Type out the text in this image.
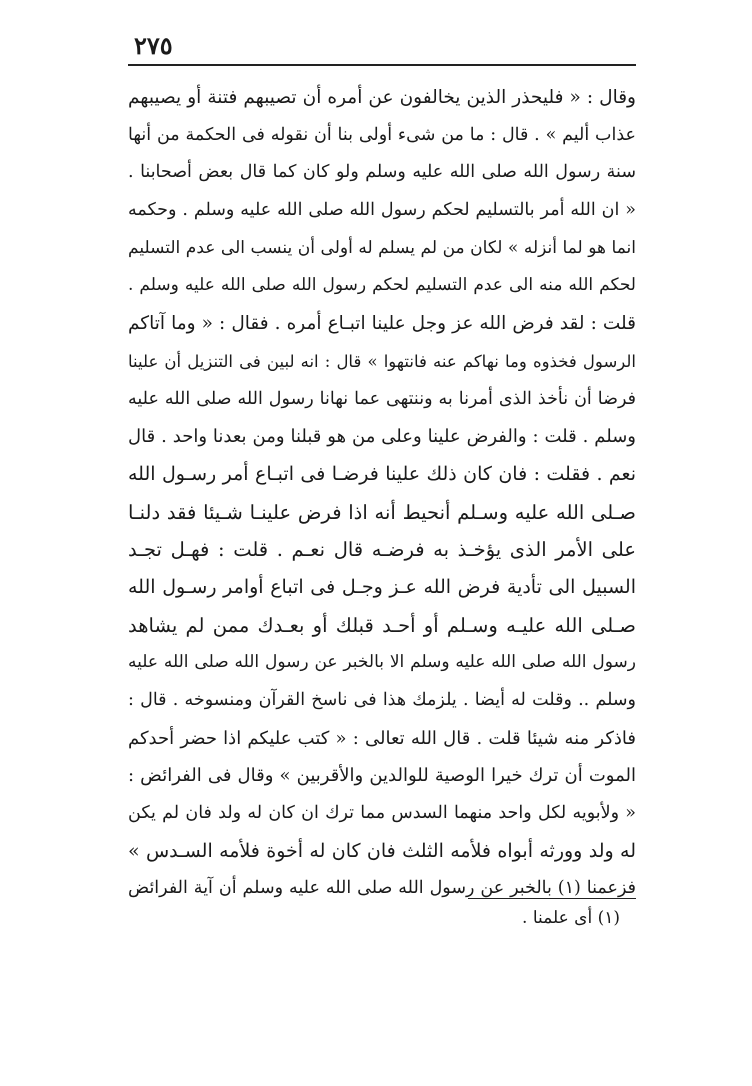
٢٧٥
وقال : « فليحذر الذين يخالفون عن أمره أن تصيبهم فتنة أو يصيبهم
عذاب أليم » . قال : ما من شىء أولى بنا أن نقوله فى الحكمة من أنها
سنة رسول الله صلى الله عليه وسلم ولو كان كما قال بعض أصحابنا .
« ان الله أمر بالتسليم لحكم رسول الله صلى الله عليه وسلم . وحكمه
انما هو لما أنزله » لكان من لم يسلم له أولى أن ينسب الى عدم التسليم
لحكم الله منه الى عدم التسليم لحكم رسول الله صلى الله عليه وسلم .
قلت : لقد فرض الله عز وجل علينا اتبـاع أمره . فقال : « وما آتاكم
الرسول فخذوه وما نهاكم عنه فانتهوا » قال : انه لبين فى التنزيل أن علينا
فرضا أن نأخذ الذى أمرنا به وننتهى عما نهانا رسول الله صلى الله عليه
وسلم . قلت : والفرض علينا وعلى من هو قبلنا ومن بعدنا واحد . قال
نعم . فقلت : فان كان ذلك علينا فرضـا فى اتبـاع أمر رسـول الله
صـلى الله عليه وسـلم أنحيط أنه اذا فرض علينـا شـيئا فقد دلنـا
على الأمر الذى يؤخـذ به فرضـه قال نعـم . قلت : فهـل تجـد
السبيل الى تأدية فرض الله عـز وجـل فى اتباع أوامر رسـول الله
صـلى الله عليـه وسـلم أو أحـد قبلك أو بعـدك ممن لم يشاهد
رسول الله صلى الله عليه وسلم الا بالخبر عن رسول الله صلى الله عليه
وسلم .. وقلت له أيضا . يلزمك هذا فى ناسخ القرآن ومنسوخه . قال :
فاذكر منه شيئا قلت . قال الله تعالى : « كتب عليكم اذا حضر أحدكم
الموت أن ترك خيرا الوصية للوالدين والأقربين » وقال فى الفرائض :
« ولأبويه لكل واحد منهما السدس مما ترك ان كان له ولد فان لم يكن
له ولد وورثه أبواه فلأمه الثلث فان كان له أخوة فلأمه السـدس »
فزعمنا (١) بالخبر عن رسول الله صلى الله عليه وسلم أن آية الفرائض
(١) أى علمنا .
